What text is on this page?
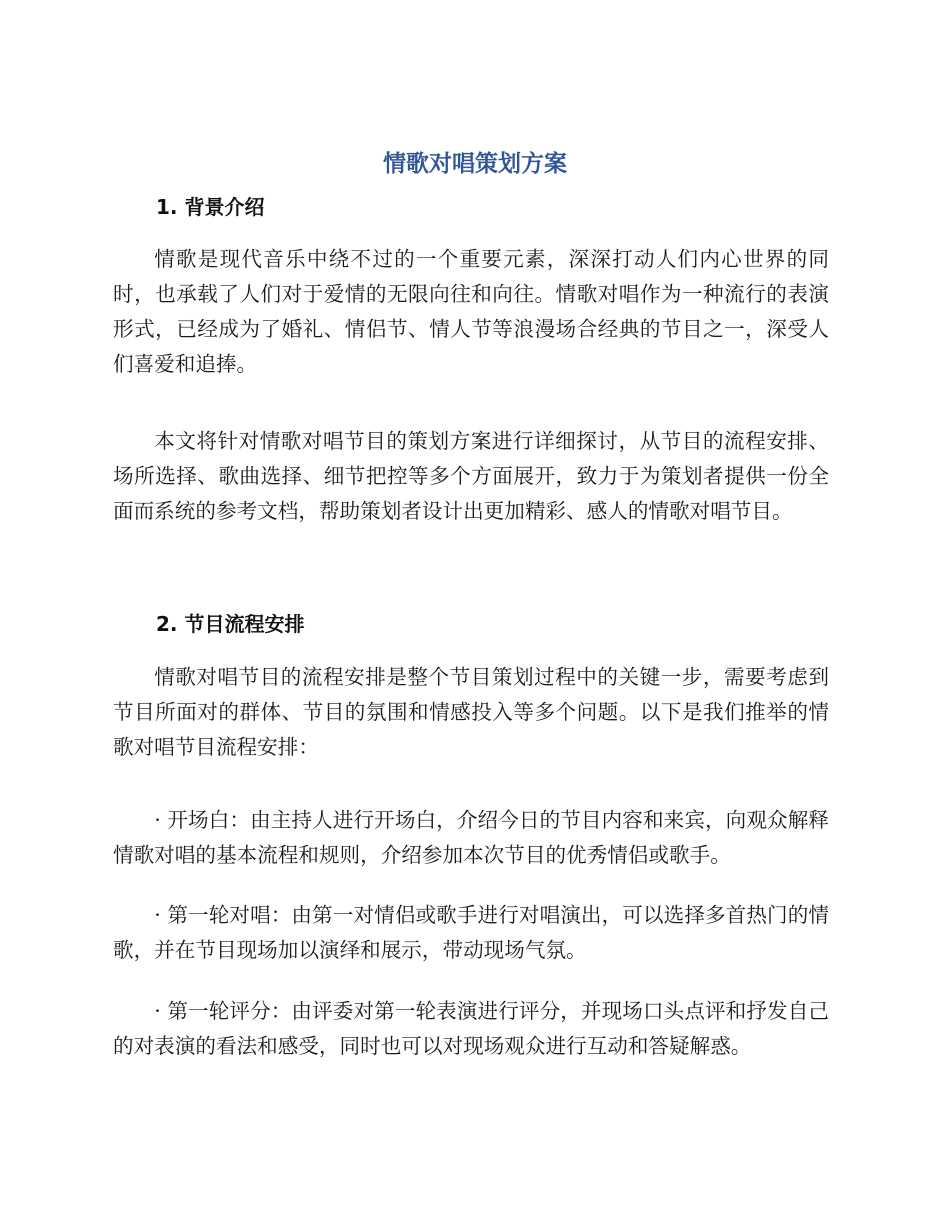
情歌对唱策划方案
1. 背景介绍

情歌是现代音乐中绕不过的一个重要元素，深深打动人们内心世界的同时，也承载了人们对于爱情的无限向往和向往。情歌对唱作为一种流行的表演形式，已经成为了婚礼、情侣节、情人节等浪漫场合经典的节目之一，深受人们喜爱和追捧。

本文将针对情歌对唱节目的策划方案进行详细探讨，从节目的流程安排、场所选择、歌曲选择、细节把控等多个方面展开，致力于为策划者提供一份全面而系统的参考文档，帮助策划者设计出更加精彩、感人的情歌对唱节目。

2. 节目流程安排

情歌对唱节目的流程安排是整个节目策划过程中的关键一步，需要考虑到节目所面对的群体、节目的氛围和情感投入等多个问题。以下是我们推举的情歌对唱节目流程安排：

· 开场白：由主持人进行开场白，介绍今日的节目内容和来宾，向观众解释情歌对唱的基本流程和规则，介绍参加本次节目的优秀情侣或歌手。

· 第一轮对唱：由第一对情侣或歌手进行对唱演出，可以选择多首热门的情歌，并在节目现场加以演绎和展示，带动现场气氛。

· 第一轮评分：由评委对第一轮表演进行评分，并现场口头点评和抒发自己的对表演的看法和感受，同时也可以对现场观众进行互动和答疑解惑。
